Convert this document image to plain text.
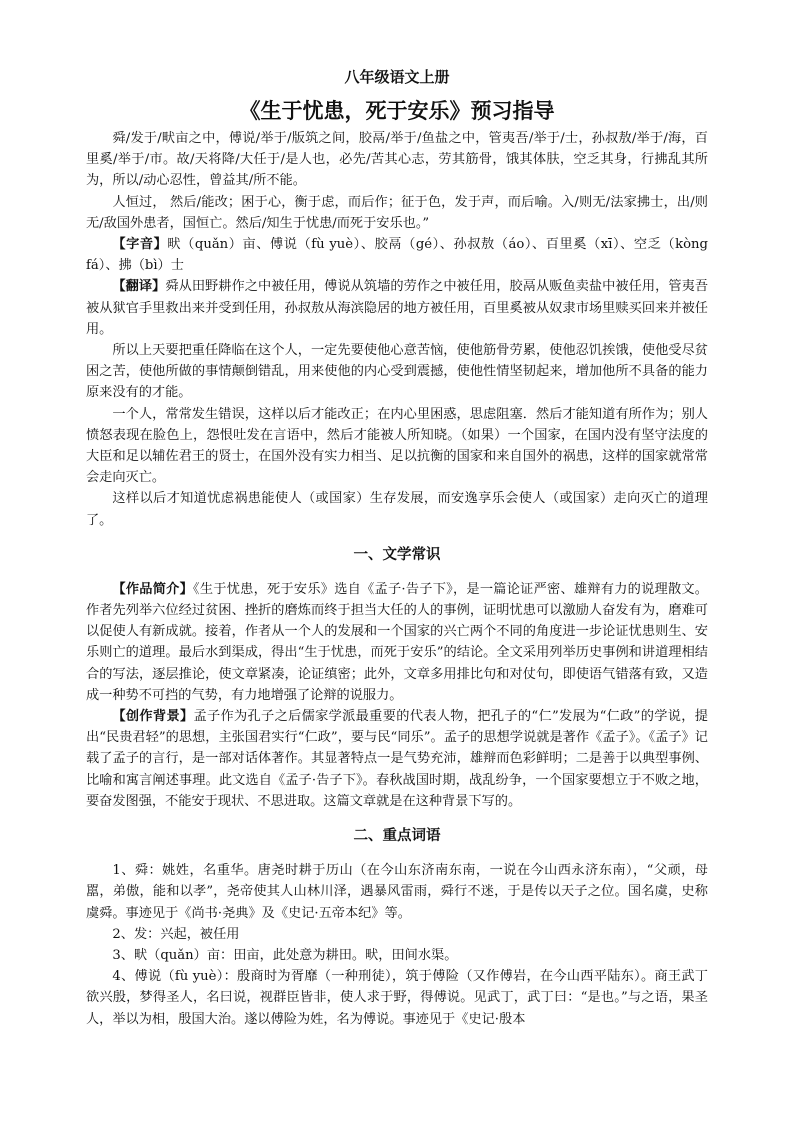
八年级语文上册
《生于忧患，死于安乐》预习指导

舜/发于/畎亩之中，傅说/举于/版筑之间，胶鬲/举于/鱼盐之中，管夷吾/举于/士，孙叔敖/举于/海，百里奚/举于/市。故/天将降/大任于/是人也，必先/苦其心志，劳其筋骨，饿其体肤，空乏其身，行拂乱其所为，所以/动心忍性，曾益其/所不能。

人恒过， 然后/能改；困于心，衡于虑，而后作；征于色，发于声，而后喻。入/则无/法家拂士，出/则无/敌国外患者，国恒亡。然后/知生于忧患/而死于安乐也。”

【字音】畎（quǎn）亩、傅说（fù yuè）、胶鬲（gé）、孙叔敖（áo）、百里奚（xī）、空乏（kòng fá）、拂（bì）士

【翻译】舜从田野耕作之中被任用，傅说从筑墙的劳作之中被任用，胶鬲从贩鱼卖盐中被任用，管夷吾被从狱官手里救出来并受到任用，孙叔敖从海滨隐居的地方被任用，百里奚被从奴隶市场里赎买回来并被任用。

所以上天要把重任降临在这个人，一定先要使他心意苦恼，使他筋骨劳累，使他忍饥挨饿，使他受尽贫困之苦，使他所做的事情颠倒错乱，用来使他的内心受到震撼，使他性情坚韧起来，增加他所不具备的能力原来没有的才能。

一个人，常常发生错误，这样以后才能改正；在内心里困惑，思虑阻塞．然后才能知道有所作为；别人愤怒表现在脸色上，怨恨吐发在言语中，然后才能被人所知晓。（如果）一个国家，在国内没有坚守法度的大臣和足以辅佐君王的贤士，在国外没有实力相当、足以抗衡的国家和来自国外的祸患，这样的国家就常常会走向灭亡。

这样以后才知道忧虑祸患能使人（或国家）生存发展，而安逸享乐会使人（或国家）走向灭亡的道理了。

一、文学常识

【作品简介】《生于忧患，死于安乐》选自《孟子·告子下》，是一篇论证严密、雄辩有力的说理散文。作者先列举六位经过贫困、挫折的磨炼而终于担当大任的人的事例，证明忧患可以激励人奋发有为，磨难可以促使人有新成就。接着，作者从一个人的发展和一个国家的兴亡两个不同的角度进一步论证忧患则生、安乐则亡的道理。最后水到渠成，得出“生于忧患，而死于安乐”的结论。全文采用列举历史事例和讲道理相结合的写法，逐层推论，使文章紧凑，论证缜密；此外，文章多用排比句和对仗句，即使语气错落有致，又造成一种势不可挡的气势，有力地增强了论辩的说服力。

【创作背景】孟子作为孔子之后儒家学派最重要的代表人物，把孔子的“仁”发展为“仁政”的学说，提出“民贵君轻”的思想，主张国君实行“仁政”，要与民“同乐”。孟子的思想学说就是著作《孟子》。《孟子》记载了孟子的言行，是一部对话体著作。其显著特点一是气势充沛，雄辩而色彩鲜明；二是善于以典型事例、比喻和寓言阐述事理。此文选自《孟子·告子下》。春秋战国时期，战乱纷争，一个国家要想立于不败之地，要奋发图强，不能安于现状、不思进取。这篇文章就是在这种背景下写的。

二、重点词语

1、舜：姚姓，名重华。唐尧时耕于历山（在今山东济南东南，一说在今山西永济东南），“父顽，母嚚，弟傲，能和以孝”，尧帝使其人山林川泽，遇暴风雷雨，舜行不迷，于是传以天子之位。国名虞，史称虞舜。事迹见于《尚书·尧典》及《史记·五帝本纪》等。

2、发：兴起，被任用

3、畎（quǎn）亩：田亩，此处意为耕田。畎，田间水渠。

4、傅说（fù yuè）：殷商时为胥靡（一种刑徒），筑于傅险（又作傅岩，在今山西平陆东）。商王武丁欲兴殷，梦得圣人，名曰说，视群臣皆非，使人求于野，得傅说。见武丁，武丁曰：“是也。”与之语，果圣人，举以为相，殷国大治。遂以傅险为姓，名为傅说。事迹见于《史记·殷本
